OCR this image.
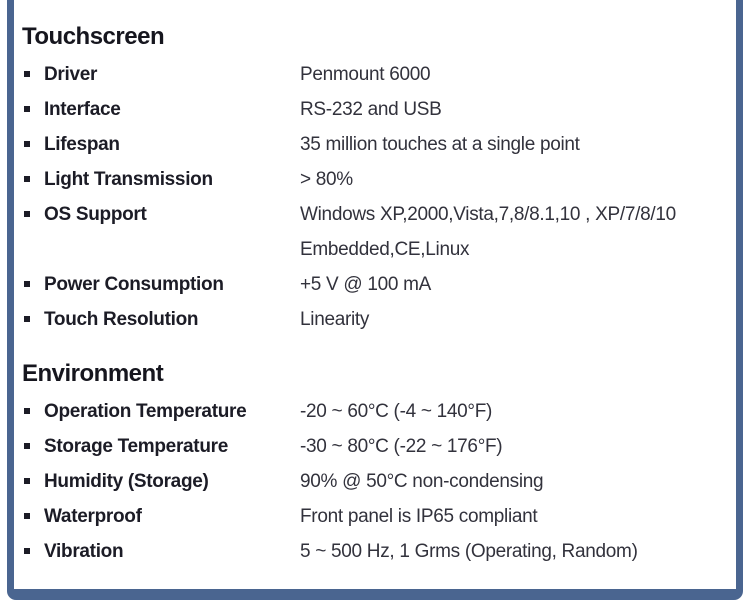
Touchscreen
Driver	Penmount 6000
Interface	RS-232 and USB
Lifespan	35 million touches at a single point
Light Transmission	> 80%
OS Support	Windows XP,2000,Vista,7,8/8.1,10 , XP/7/8/10 Embedded,CE,Linux
Power Consumption	+5 V @ 100 mA
Touch Resolution	Linearity
Environment
Operation Temperature	-20 ~ 60°C (-4 ~ 140°F)
Storage Temperature	-30 ~ 80°C (-22 ~ 176°F)
Humidity (Storage)	90% @ 50°C non-condensing
Waterproof	Front panel is IP65 compliant
Vibration	5 ~ 500 Hz, 1 Grms (Operating, Random)
